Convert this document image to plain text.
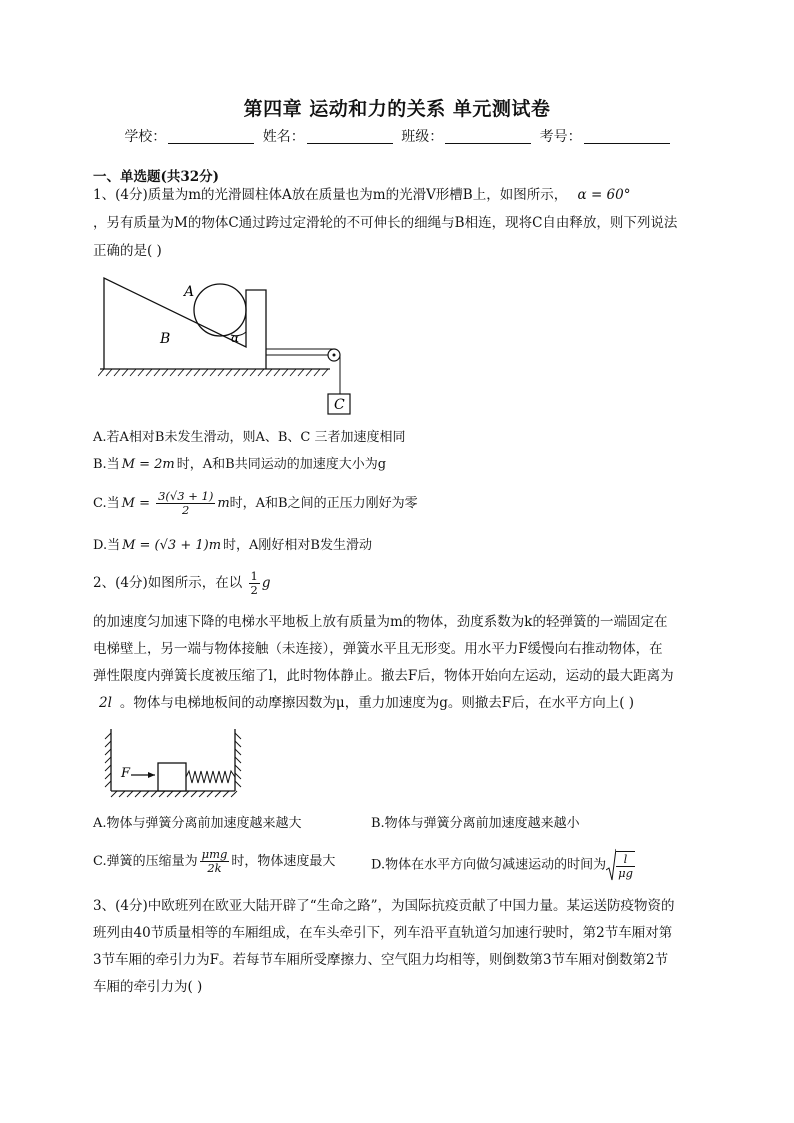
第四章 运动和力的关系 单元测试卷
学校：	姓名：	班级：	考号：
一、单选题(共32分)
1、(4分)质量为m的光滑圆柱体A放在质量也为m的光滑V形槽B上，如图所示， α = 60°
，另有质量为M的物体C通过跨过定滑轮的不可伸长的细绳与B相连，现将C自由释放，则下列说法
正确的是( )
A
B	α
C
A.若A相对B未发生滑动，则A、B、C 三者加速度相同
B.当 M = 2m 时，A和B共同运动的加速度大小为g
C.当 $M = \frac{3(√3 + 1)}{2}$ m时，A和B之间的正压力刚好为零
D.当 M = (√3 + 1)m 时，A刚好相对B发生滑动
2、(4分)如图所示，在以 $\frac{1}{2}$ g
的加速度匀加速下降的电梯水平地板上放有质量为m的物体，劲度系数为k的轻弹簧的一端固定在
电梯壁上，另一端与物体接触（未连接），弹簧水平且无形变。用水平力F缓慢向右推动物体，在
弹性限度内弹簧长度被压缩了l，此时物体静止。撤去F后，物体开始向左运动，运动的最大距离为
2l 。物体与电梯地板间的动摩擦因数为μ，重力加速度为g。则撤去F后，在水平方向上( )
F
A.物体与弹簧分离前加速度越来越大	B.物体与弹簧分离前加速度越来越小
C.弹簧的压缩量为 $\frac{\text{μmg}}{2k}$ 时，物体速度最大	D.物体在水平方向做匀减速运动的时间为 $\frac{l}{\mu g}$
3、(4分)中欧班列在欧亚大陆开辟了“生命之路”，为国际抗疫贡献了中国力量。某运送防疫物资的
班列由40节质量相等的车厢组成，在车头牵引下，列车沿平直轨道匀加速行驶时，第2节车厢对第
3节车厢的牵引力为F。若每节车厢所受摩擦力、空气阻力均相等，则倒数第3节车厢对倒数第2节
车厢的牵引力为( )
